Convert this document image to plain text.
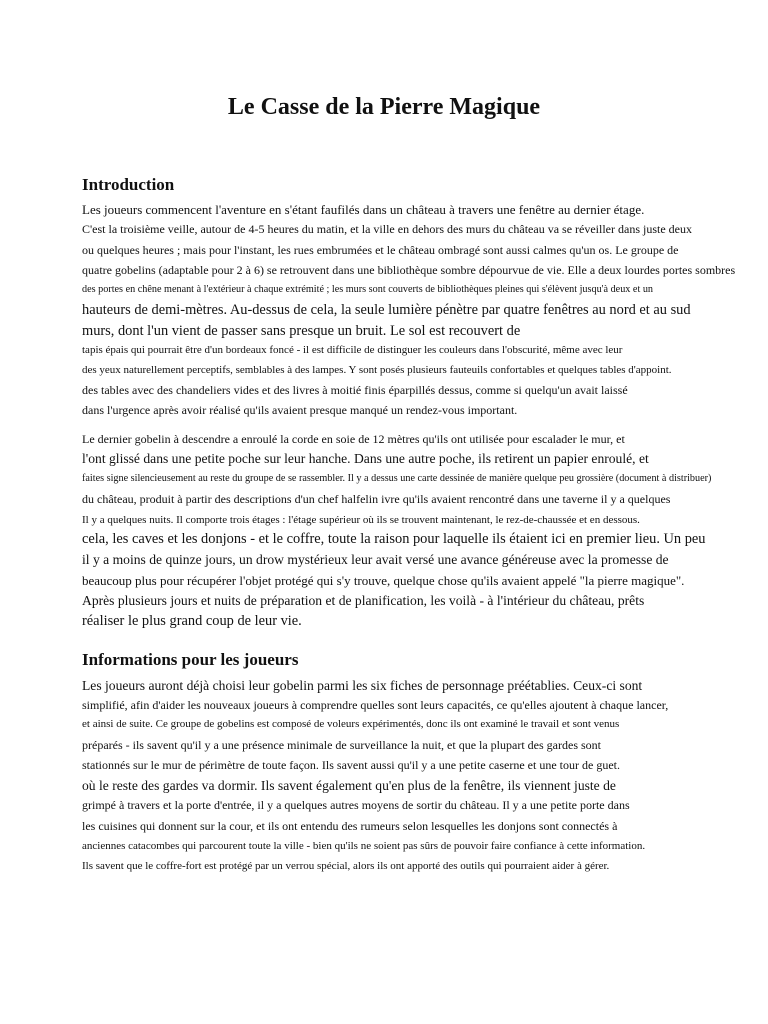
Le Casse de la Pierre Magique
Introduction

Les joueurs commencent l'aventure en s'étant faufilés dans un château à travers une fenêtre au dernier étage.

C'est la troisième veille, autour de 4-5 heures du matin, et la ville en dehors des murs du château va se réveiller dans juste deux

ou quelques heures ; mais pour l'instant, les rues embrumées et le château ombragé sont aussi calmes qu'un os. Le groupe de

quatre gobelins (adaptable pour 2 à 6) se retrouvent dans une bibliothèque sombre dépourvue de vie. Elle a deux lourdes portes sombres

des portes en chêne menant à l'extérieur à chaque extrémité ; les murs sont couverts de bibliothèques pleines qui s'élèvent jusqu'à deux et un

hauteurs de demi-mètres. Au-dessus de cela, la seule lumière pénètre par quatre fenêtres au nord et au sud

murs, dont l'un vient de passer sans presque un bruit. Le sol est recouvert de

tapis épais qui pourrait être d'un bordeaux foncé - il est difficile de distinguer les couleurs dans l'obscurité, même avec leur

des yeux naturellement perceptifs, semblables à des lampes. Y sont posés plusieurs fauteuils confortables et quelques tables d'appoint.

des tables avec des chandeliers vides et des livres à moitié finis éparpillés dessus, comme si quelqu'un avait laissé

dans l'urgence après avoir réalisé qu'ils avaient presque manqué un rendez-vous important.

Le dernier gobelin à descendre a enroulé la corde en soie de 12 mètres qu'ils ont utilisée pour escalader le mur, et

l'ont glissé dans une petite poche sur leur hanche. Dans une autre poche, ils retirent un papier enroulé, et

faites signe silencieusement au reste du groupe de se rassembler. Il y a dessus une carte dessinée de manière quelque peu grossière (document à distribuer)

du château, produit à partir des descriptions d'un chef halfelin ivre qu'ils avaient rencontré dans une taverne il y a quelques

Il y a quelques nuits. Il comporte trois étages : l'étage supérieur où ils se trouvent maintenant, le rez-de-chaussée et en dessous.

cela, les caves et les donjons - et le coffre, toute la raison pour laquelle ils étaient ici en premier lieu. Un peu

il y a moins de quinze jours, un drow mystérieux leur avait versé une avance généreuse avec la promesse de

beaucoup plus pour récupérer l'objet protégé qui s'y trouve, quelque chose qu'ils avaient appelé "la pierre magique".

Après plusieurs jours et nuits de préparation et de planification, les voilà - à l'intérieur du château, prêts

réaliser le plus grand coup de leur vie.

Informations pour les joueurs

Les joueurs auront déjà choisi leur gobelin parmi les six fiches de personnage préétablies. Ceux-ci sont

simplifié, afin d'aider les nouveaux joueurs à comprendre quelles sont leurs capacités, ce qu'elles ajoutent à chaque lancer,

et ainsi de suite. Ce groupe de gobelins est composé de voleurs expérimentés, donc ils ont examiné le travail et sont venus

préparés - ils savent qu'il y a une présence minimale de surveillance la nuit, et que la plupart des gardes sont

stationnés sur le mur de périmètre de toute façon. Ils savent aussi qu'il y a une petite caserne et une tour de guet.

où le reste des gardes va dormir. Ils savent également qu'en plus de la fenêtre, ils viennent juste de

grimpé à travers et la porte d'entrée, il y a quelques autres moyens de sortir du château. Il y a une petite porte dans

les cuisines qui donnent sur la cour, et ils ont entendu des rumeurs selon lesquelles les donjons sont connectés à

anciennes catacombes qui parcourent toute la ville - bien qu'ils ne soient pas sûrs de pouvoir faire confiance à cette information.

Ils savent que le coffre-fort est protégé par un verrou spécial, alors ils ont apporté des outils qui pourraient aider à gérer.
